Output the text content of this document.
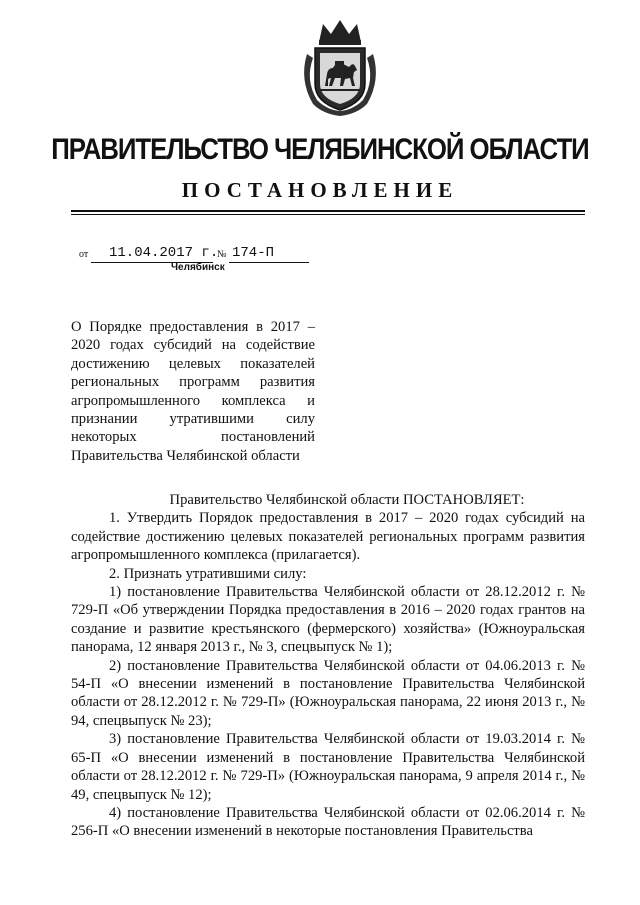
ПРАВИТЕЛЬСТВО ЧЕЛЯБИНСКОЙ ОБЛАСТИ
ПОСТАНОВЛЕНИЕ
от 11.04.2017 г.
№ 174-П
Челябинск
О Порядке предоставления в 2017 –
2020 годах субсидий на содействие
достижению целевых показателей
региональных программ развития
агропромышленного комплекса и
признании утратившими силу
некоторых постановлений
Правительства Челябинской области

Правительство Челябинской области ПОСТАНОВЛЯЕТ:

1. Утвердить Порядок предоставления в 2017 – 2020 годах субсидий на содействие достижению целевых показателей региональных программ развития агропромышленного комплекса (прилагается).

2. Признать утратившими силу:

1) постановление Правительства Челябинской области от 28.12.2012 г. № 729-П «Об утверждении Порядка предоставления в 2016 – 2020 годах грантов на создание и развитие крестьянского (фермерского) хозяйства» (Южноуральская панорама, 12 января 2013 г., № 3, спецвыпуск № 1);

2) постановление Правительства Челябинской области от 04.06.2013 г. № 54-П «О внесении изменений в постановление Правительства Челябинской области от 28.12.2012 г. № 729-П» (Южноуральская панорама, 22 июня 2013 г., № 94, спецвыпуск № 23);

3) постановление Правительства Челябинской области от 19.03.2014 г. № 65-П «О внесении изменений в постановление Правительства Челябинской области от 28.12.2012 г. № 729-П» (Южноуральская панорама, 9 апреля 2014 г., № 49, спецвыпуск № 12);

4) постановление Правительства Челябинской области от 02.06.2014 г. № 256-П «О внесении изменений в некоторые постановления Правительства
